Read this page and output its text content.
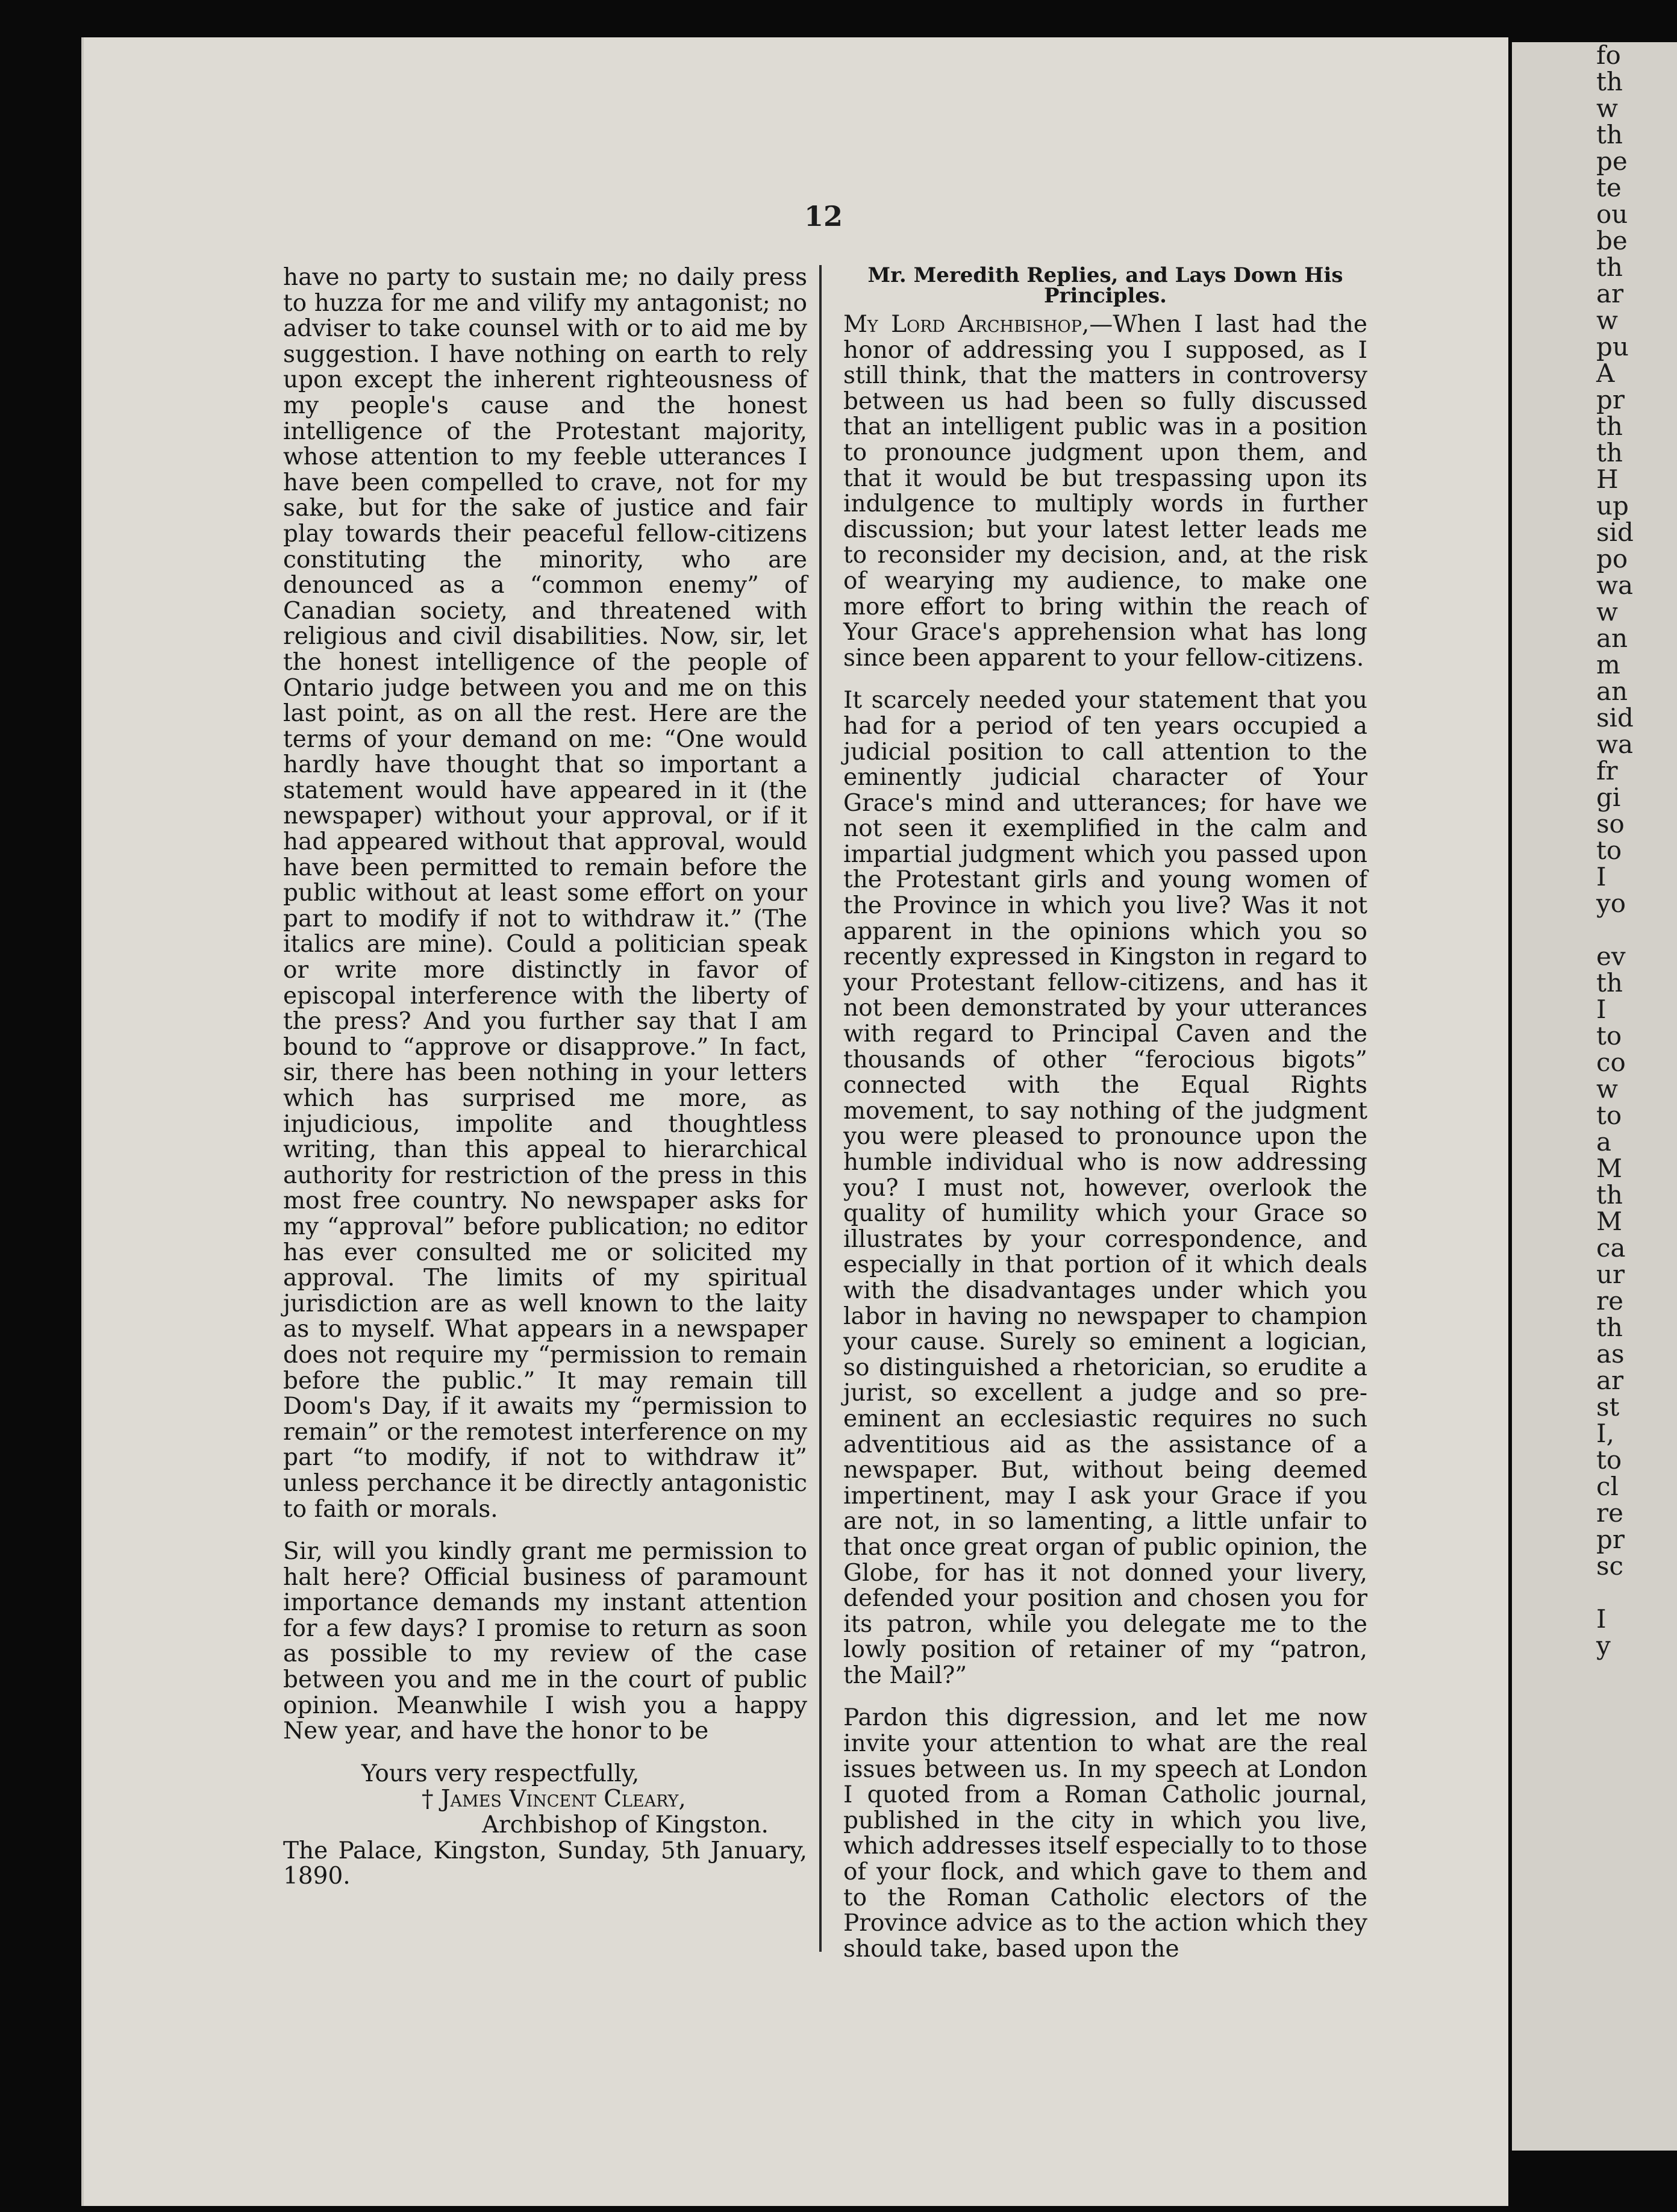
fo
th
w
th
pe
te
ou
be
th
ar
w
pu
A
pr
th
th
H
up
sid
po
wa
w
an
m
an
sid
wa
fr
gi
so
to
I
yo

ev
th
I
to
co
w
to
a
M
th
M
ca
ur
re
th
as
ar
st
I,
to
cl
re
pr
sc

I
y
12

have no party to sustain me; no daily press to huzza for me and vilify my antagonist; no adviser to take counsel with or to aid me by suggestion. I have nothing on earth to rely upon except the inherent righteousness of my people's cause and the honest intelligence of the Protestant majority, whose attention to my feeble utterances I have been compelled to crave, not for my sake, but for the sake of justice and fair play towards their peaceful fellow-citizens constituting the minority, who are denounced as a “common enemy” of Canadian society, and threatened with religious and civil disabilities. Now, sir, let the honest intelligence of the people of Ontario judge between you and me on this last point, as on all the rest. Here are the terms of your demand on me: “One would hardly have thought that so important a statement would have appeared in it (the newspaper) without your approval, or if it had appeared without that approval, would have been permitted to remain before the public without at least some effort on your part to modify if not to withdraw it.” (The italics are mine). Could a politician speak or write more distinctly in favor of episcopal interference with the liberty of the press? And you further say that I am bound to “approve or disapprove.” In fact, sir, there has been nothing in your letters which has surprised me more, as injudicious, impolite and thoughtless writing, than this appeal to hierarchical authority for restriction of the press in this most free country. No newspaper asks for my “approval” before publication; no editor has ever consulted me or solicited my approval. The limits of my spiritual jurisdiction are as well known to the laity as to myself. What appears in a newspaper does not require my “permission to remain before the public.” It may remain till Doom's Day, if it awaits my “permission to remain” or the remotest interference on my part “to modify, if not to withdraw it” unless perchance it be directly antagonistic to faith or morals.

Sir, will you kindly grant me permission to halt here? Official business of paramount importance demands my instant attention for a few days? I promise to return as soon as possible to my review of the case between you and me in the court of public opinion. Meanwhile I wish you a happy New year, and have the honor to be

Yours very respectfully,

† James Vincent Cleary,

Archbishop of Kingston.

The Palace, Kingston, Sunday, 5th January, 1890.

Mr. Meredith Replies, and Lays Down His Principles.

My Lord Archbishop,—When I last had the honor of addressing you I supposed, as I still think, that the matters in controversy between us had been so fully discussed that an intelligent public was in a position to pronounce judgment upon them, and that it would be but trespassing upon its indulgence to multiply words in further discussion; but your latest letter leads me to reconsider my decision, and, at the risk of wearying my audience, to make one more effort to bring within the reach of Your Grace's apprehension what has long since been apparent to your fellow-citizens.

It scarcely needed your statement that you had for a period of ten years occupied a judicial position to call attention to the eminently judicial character of Your Grace's mind and utterances; for have we not seen it exemplified in the calm and impartial judgment which you passed upon the Protestant girls and young women of the Province in which you live? Was it not apparent in the opinions which you so recently expressed in Kingston in regard to your Protestant fellow-citizens, and has it not been demonstrated by your utterances with regard to Principal Caven and the thousands of other “ferocious bigots” connected with the Equal Rights movement, to say nothing of the judgment you were pleased to pronounce upon the humble individual who is now addressing you? I must not, however, overlook the quality of humility which your Grace so illustrates by your correspondence, and especially in that portion of it which deals with the disadvantages under which you labor in having no newspaper to champion your cause. Surely so eminent a logician, so distinguished a rhetorician, so erudite a jurist, so excellent a judge and so pre-eminent an ecclesiastic requires no such adventitious aid as the assistance of a newspaper. But, without being deemed impertinent, may I ask your Grace if you are not, in so lamenting, a little unfair to that once great organ of public opinion, the Globe, for has it not donned your livery, defended your position and chosen you for its patron, while you delegate me to the lowly position of retainer of my “patron, the Mail?”

Pardon this digression, and let me now invite your attention to what are the real issues between us. In my speech at London I quoted from a Roman Catholic journal, published in the city in which you live, which addresses itself especially to to those of your flock, and which gave to them and to the Roman Catholic electors of the Province advice as to the action which they should take, based upon the
